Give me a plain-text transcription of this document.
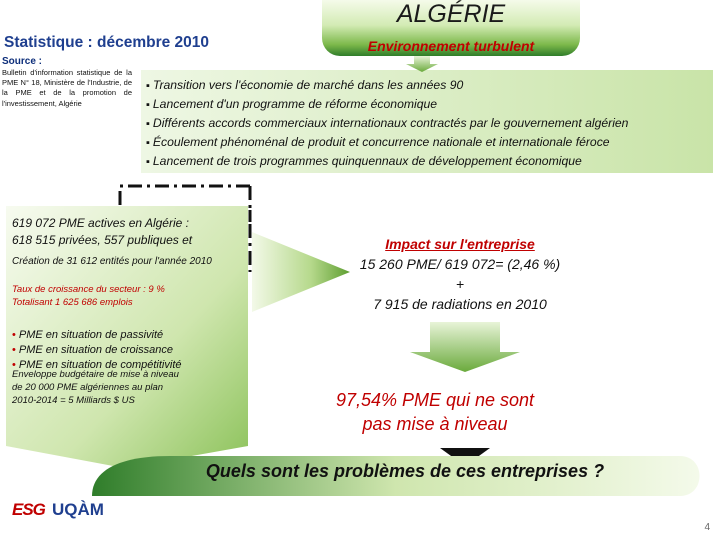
Statistique : décembre 2010
Source :
Bulletin d'information statistique de la PME N° 18, Ministère de l'Industrie, de la PME et de la promotion de l'investissement, Algérie
ALGÉRIE
Environnement turbulent
▪ Transition vers l'économie de marché dans les années 90
▪ Lancement d'un programme de réforme économique
▪ Différents accords commerciaux internationaux contractés par le gouvernement algérien
▪ Écoulement phénoménal de produit et concurrence nationale et internationale féroce
▪ Lancement de trois programmes quinquennaux de développement économique
619 072 PME actives en Algérie :
618 515 privées, 557 publiques et
Création de 31 612 entités pour l'année 2010
Taux de croissance du secteur : 9 %
Totalisant 1 625 686 emplois
• PME en situation de passivité
• PME en situation de croissance
• PME en situation de compétitivité
Enveloppe budgétaire de mise à niveau
de 20 000 PME algériennes au plan
2010-2014 = 5 Milliards $ US
Impact sur l'entreprise
15 260 PME/ 619 072= (2,46 %)
+
7 915 de radiations en 2010
97,54% PME qui ne sont
pas mise à niveau
Quels sont les problèmes de ces entreprises ?
ESG UQÀM
4
